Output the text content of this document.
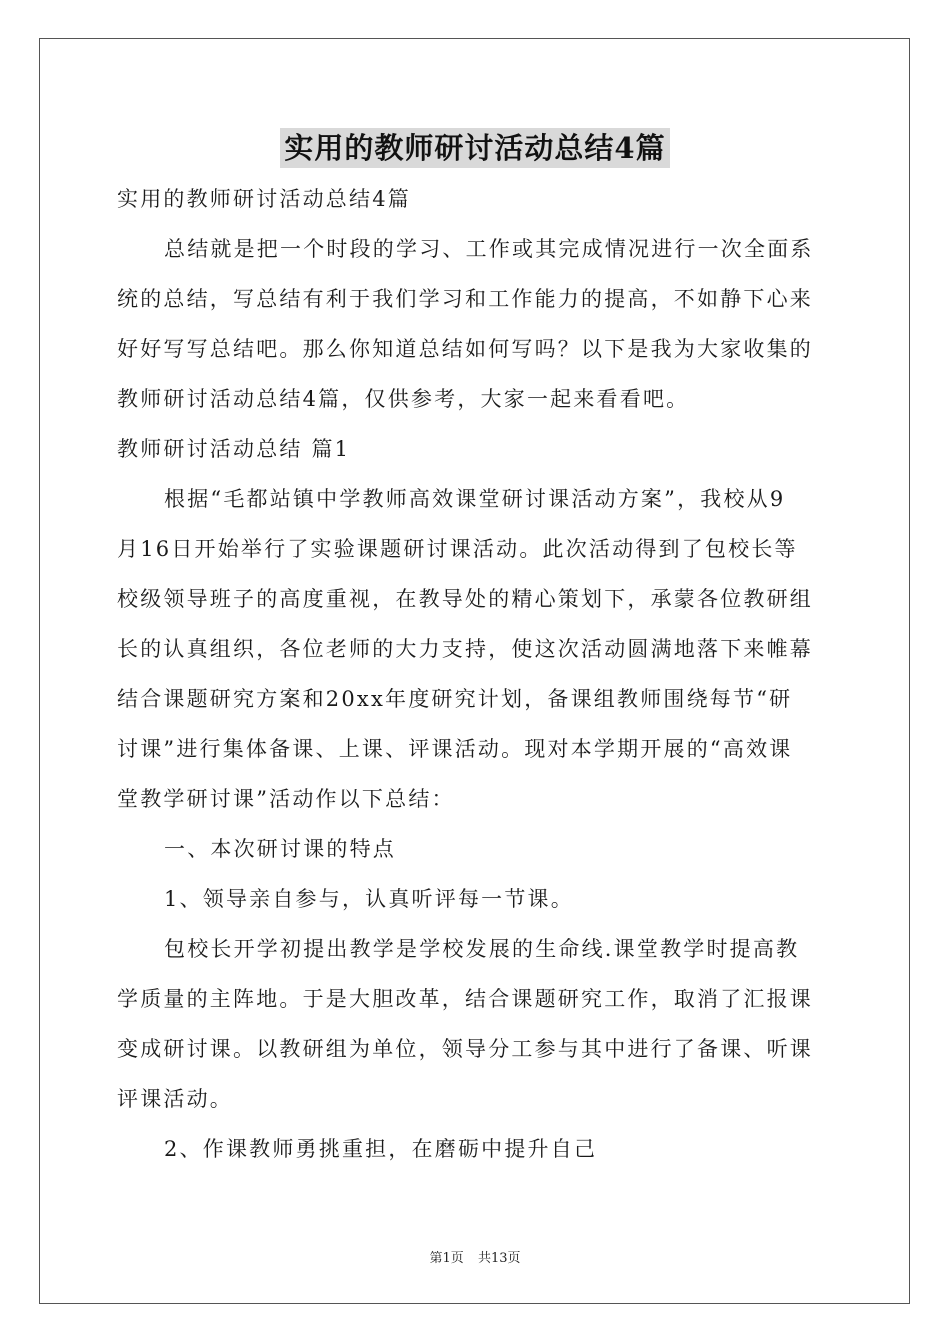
实用的教师研讨活动总结4篇
实用的教师研讨活动总结4篇
总结就是把一个时段的学习、工作或其完成情况进行一次全面系
统的总结，写总结有利于我们学习和工作能力的提高，不如静下心来
好好写写总结吧。那么你知道总结如何写吗？以下是我为大家收集的
教师研讨活动总结4篇，仅供参考，大家一起来看看吧。
教师研讨活动总结 篇1
根据“毛都站镇中学教师高效课堂研讨课活动方案”，我校从9
月16日开始举行了实验课题研讨课活动。此次活动得到了包校长等
校级领导班子的高度重视，在教导处的精心策划下，承蒙各位教研组
长的认真组织，各位老师的大力支持，使这次活动圆满地落下来帷幕
结合课题研究方案和20xx年度研究计划，备课组教师围绕每节“研
讨课”进行集体备课、上课、评课活动。现对本学期开展的“高效课
堂教学研讨课”活动作以下总结：
一、本次研讨课的特点
1、领导亲自参与，认真听评每一节课。
包校长开学初提出教学是学校发展的生命线.课堂教学时提高教
学质量的主阵地。于是大胆改革，结合课题研究工作，取消了汇报课
变成研讨课。以教研组为单位，领导分工参与其中进行了备课、听课
评课活动。
2、作课教师勇挑重担，在磨砺中提升自己
第1页 共13页
